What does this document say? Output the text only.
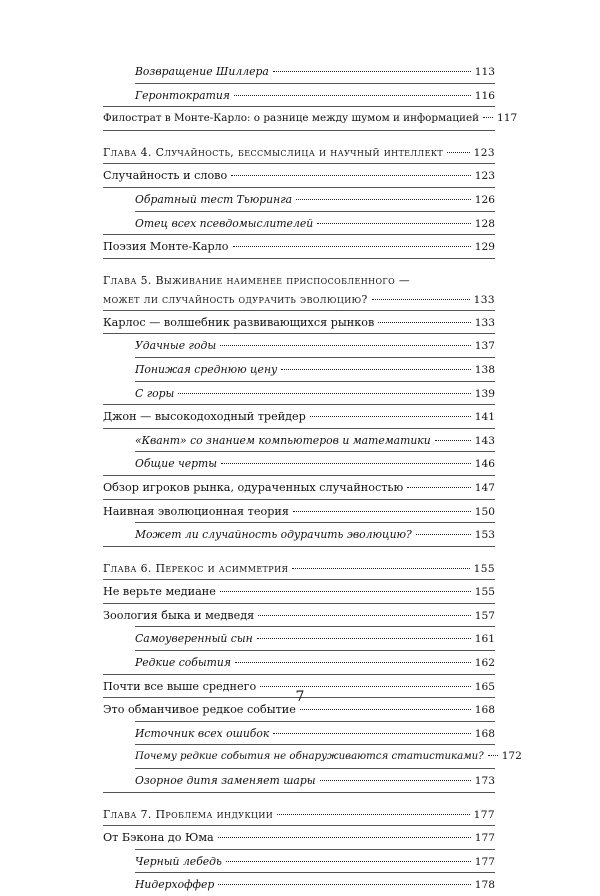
Возвращение Шиллера	113
Геронтократия	116
Филострат в Монте-Карло: о разнице между шумом и информацией 117
Глава 4. Случайность, бессмыслица и научный интеллект	123
Случайность и слово	123
Обратный тест Тьюринга	126
Отец всех псевдомыслителей	128
Поэзия Монте-Карло	129
Глава 5. Выживание наименее приспособленного —
может ли случайность одурачить эволюцию?	133
Карлос — волшебник развивающихся рынков	133
Удачные годы	137
Понижая среднюю цену	138
С горы	139
Джон — высокодоходный трейдер	141
«Квант» со знанием компьютеров и математики	143
Общие черты	146
Обзор игроков рынка, одураченных случайностью	147
Наивная эволюционная теория	150
Может ли случайность одурачить эволюцию?	153
Глава 6. Перекос и асимметрия	155
Не верьте медиане	155
Зоология быка и медведя	157
Самоуверенный сын	161
Редкие события	162
Почти все выше среднего	165
Это обманчивое редкое событие	168
Источник всех ошибок	168
Почему редкие события не обнаруживаются статистиками? 172
Озорное дитя заменяет шары	173
Глава 7. Проблема индукции	177
От Бэкона до Юма	177
Черный лебедь	177
Нидерхоффер	178
7
